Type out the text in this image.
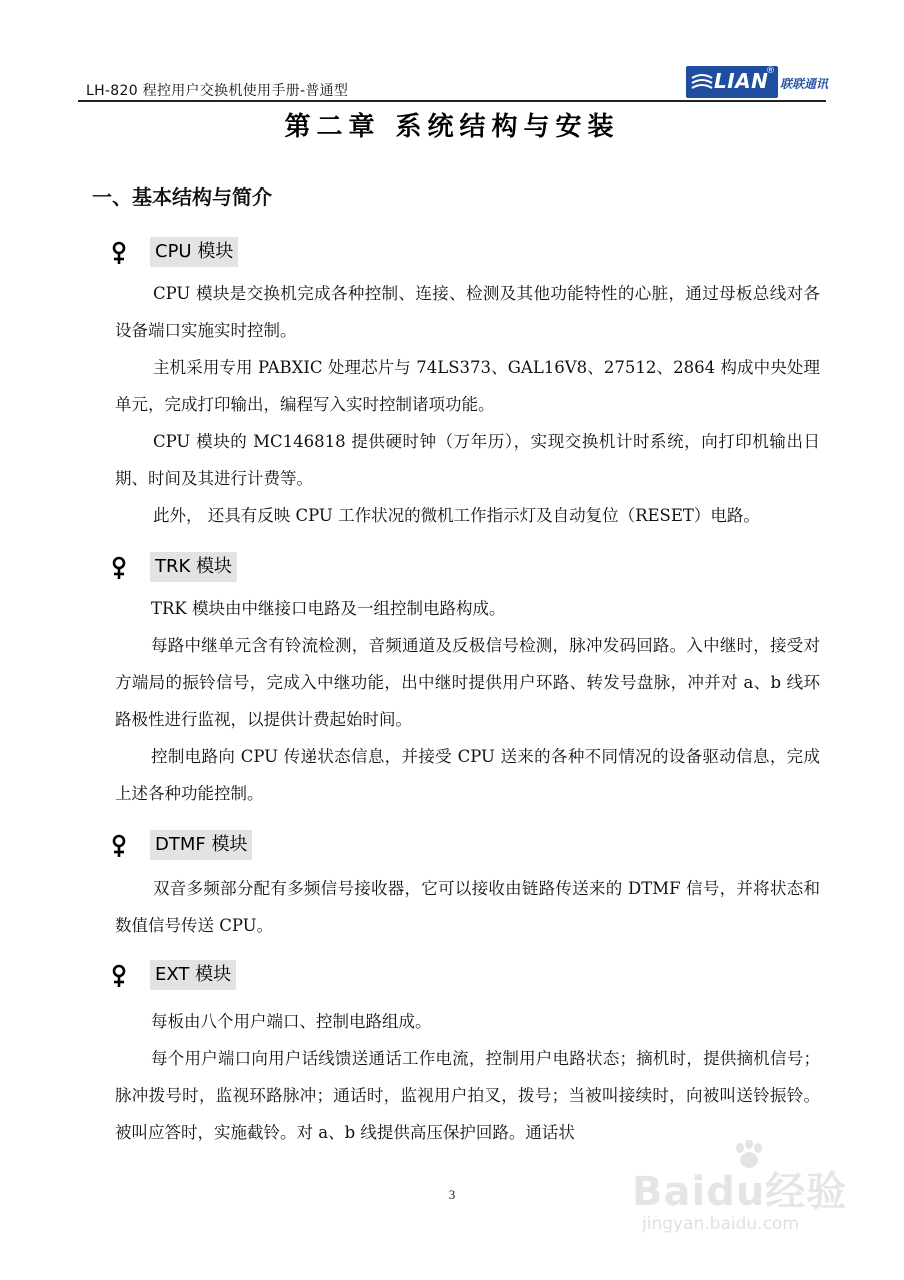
LH-820 程控用户交换机使用手册-普通型	LIAN
®
联联通讯
第二章 系统结构与安装
一、基本结构与简介
CPU 模块
CPU 模块是交换机完成各种控制、连接、检测及其他功能特性的心脏，通过母板总线对各设备端口实施实时控制。
主机采用专用 PABXIC 处理芯片与 74LS373、GAL16V8、27512、2864 构成中央处理单元，完成打印输出，编程写入实时控制诸项功能。
CPU 模块的 MC146818 提供硬时钟（万年历），实现交换机计时系统，向打印机输出日期、时间及其进行计费等。
此外， 还具有反映 CPU 工作状况的微机工作指示灯及自动复位（RESET）电路。
TRK 模块
TRK 模块由中继接口电路及一组控制电路构成。
每路中继单元含有铃流检测，音频通道及反极信号检测，脉冲发码回路。入中继时，接受对方端局的振铃信号，完成入中继功能，出中继时提供用户环路、转发号盘脉，冲并对 a、b 线环路极性进行监视，以提供计费起始时间。
控制电路向 CPU 传递状态信息，并接受 CPU 送来的各种不同情况的设备驱动信息，完成上述各种功能控制。
DTMF 模块
双音多频部分配有多频信号接收器，它可以接收由链路传送来的 DTMF 信号，并将状态和数值信号传送 CPU。
EXT 模块
每板由八个用户端口、控制电路组成。
每个用户端口向用户话线馈送通话工作电流，控制用户电路状态；摘机时，提供摘机信号；脉冲拨号时，监视环路脉冲；通话时，监视用户拍叉，拨号；当被叫接续时，向被叫送铃振铃。被叫应答时，实施截铃。对 a、b 线提供高压保护回路。通话状
3	Baidu经验
jingyan.baidu.com
